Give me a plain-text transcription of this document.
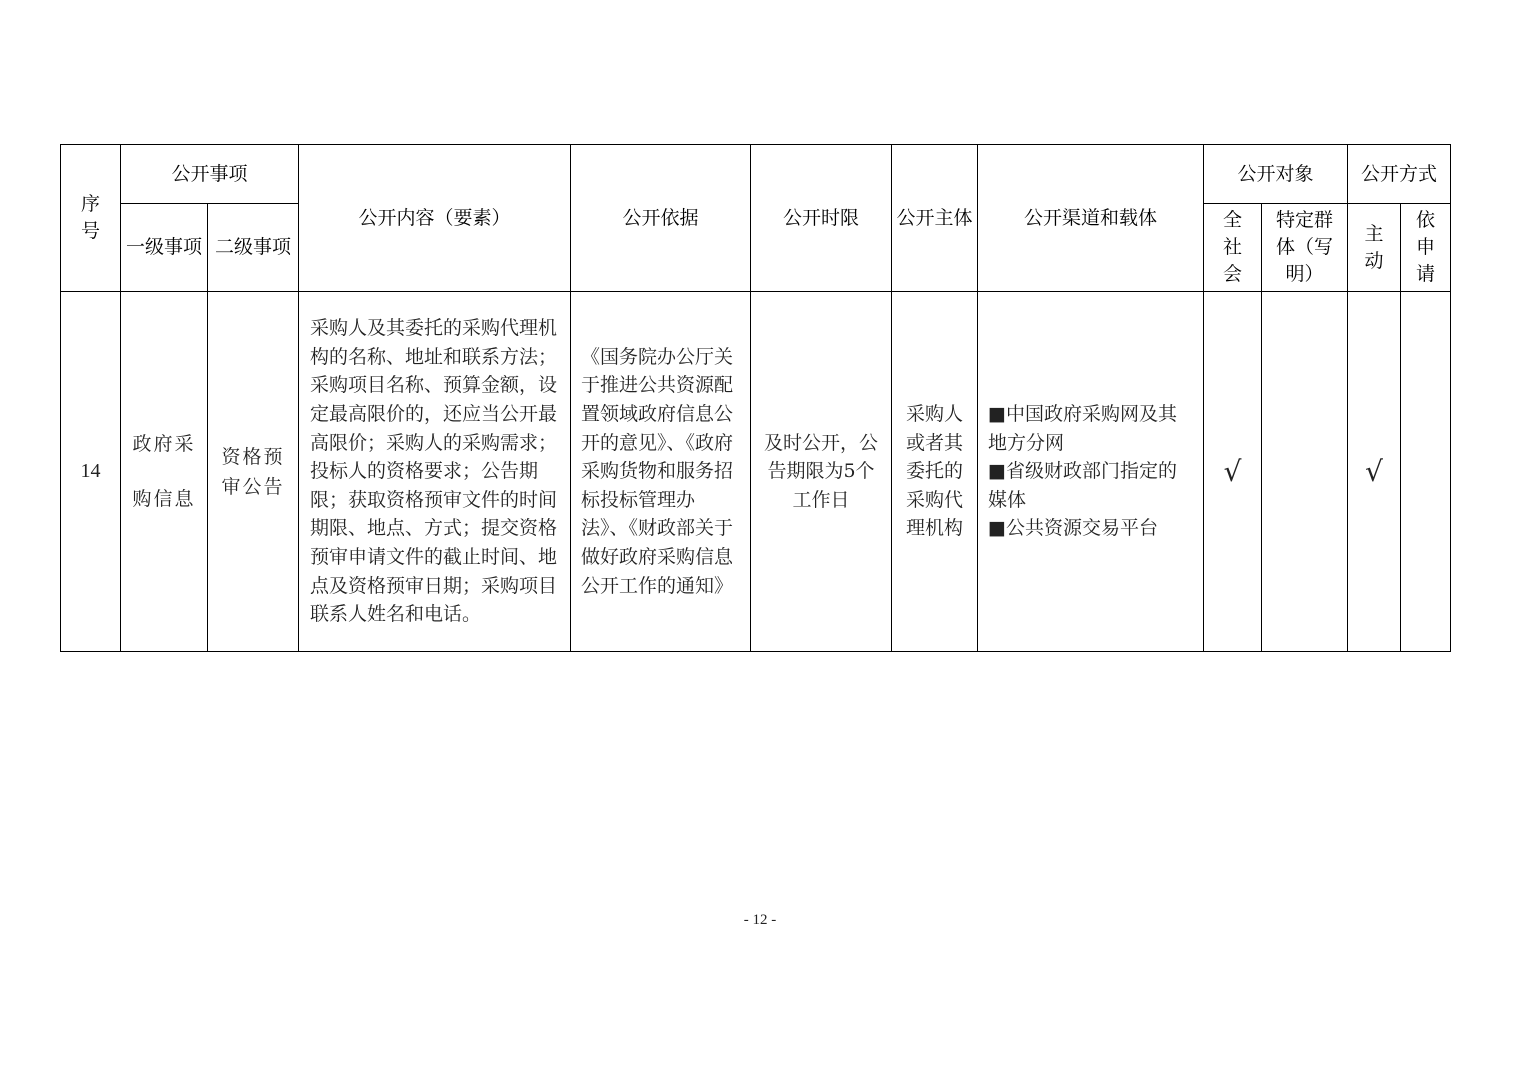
序号	公开事项		公开内容（要素）	公开依据	公开时限	公开主体	公开渠道和载体	公开对象		公开方式	

	一级事项	二级事项						全社会	特定群体（写明）	主动	依申请

14	政府采购信息	资格预审公告	采购人及其委托的采购代理机构的名称、地址和联系方法；采购项目名称、预算金额，设定最高限价的，还应当公开最高限价；采购人的采购需求；投标人的资格要求；公告期限；获取资格预审文件的时间期限、地点、方式；提交资格预审申请文件的截止时间、地点及资格预审日期；采购项目联系人姓名和电话。	《国务院办公厅关于推进公共资源配置领域政府信息公开的意见》、《政府采购货物和服务招标投标管理办法》、《财政部关于做好政府采购信息公开工作的通知》	及时公开，公告期限为5个工作日	采购人或者其委托的采购代理机构	■中国政府采购网及其地方分网
■省级财政部门指定的媒体
■公共资源交易平台	√		√	
- 12 -
